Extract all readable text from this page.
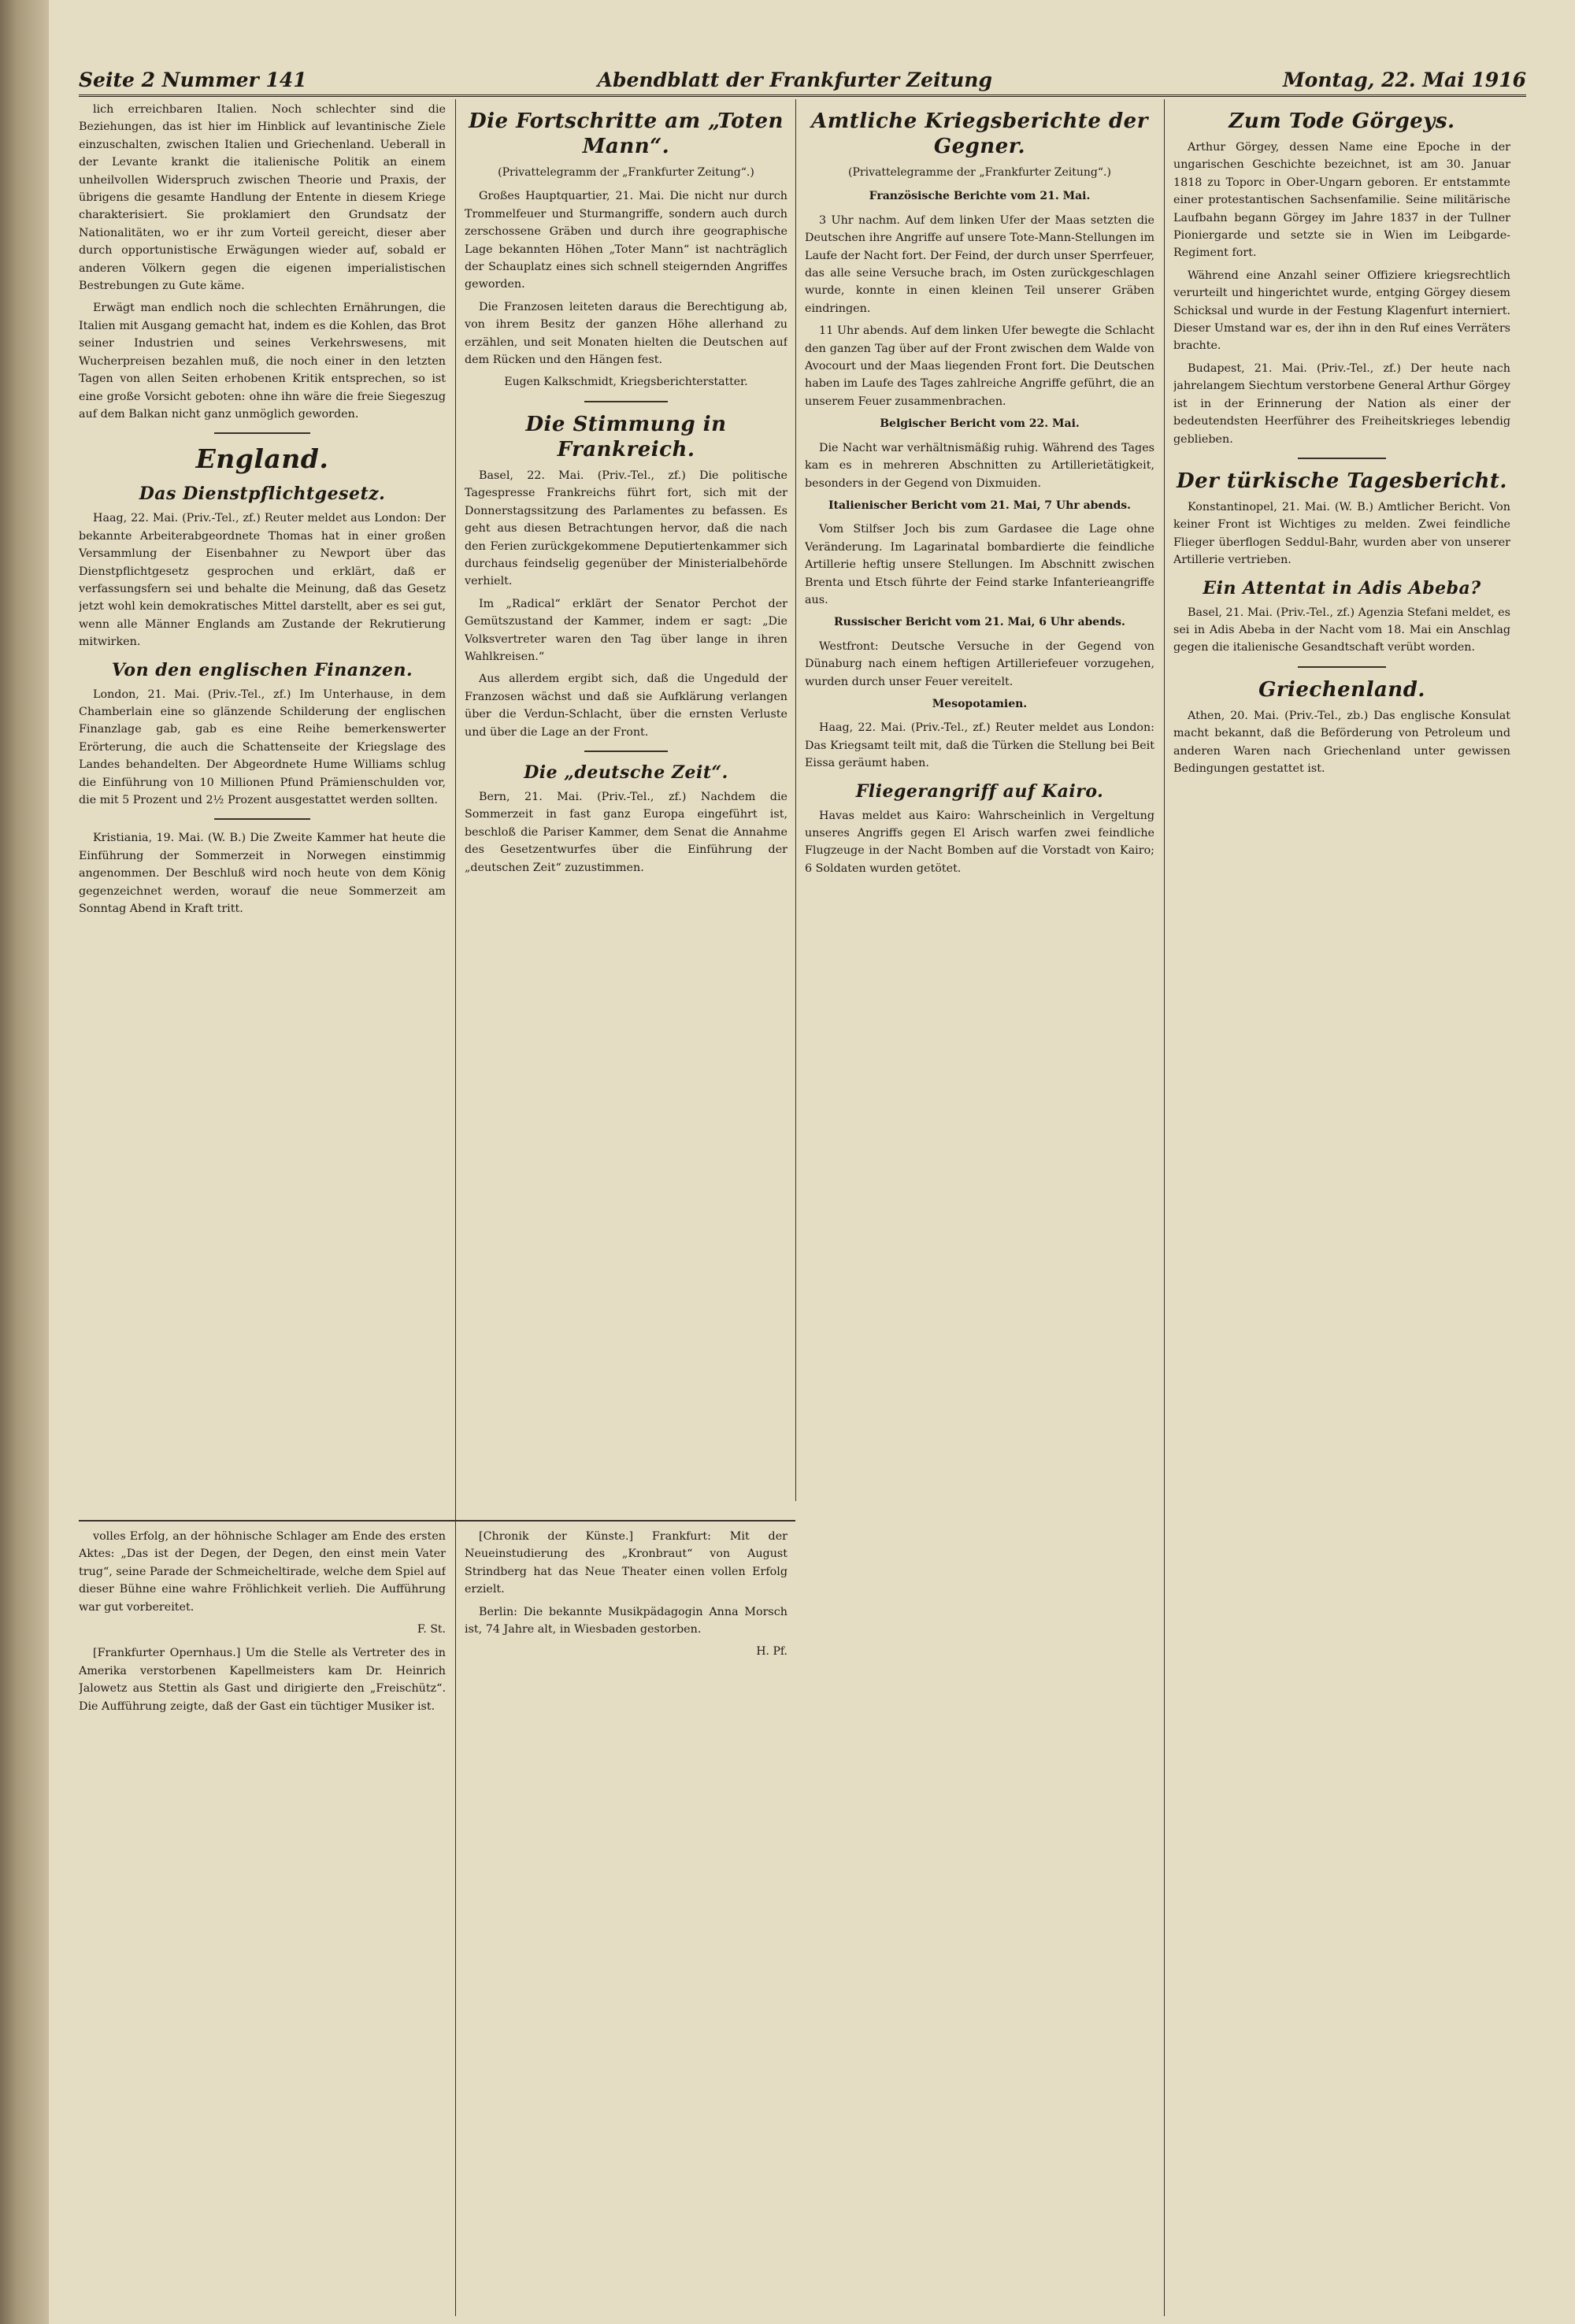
Seite 2 Nummer 141	Abendblatt der Frankfurter Zeitung	Montag, 22. Mai 1916

lich erreichbaren Italien. Noch schlechter sind die Beziehungen, das ist hier im Hinblick auf levantinische Ziele einzuschalten, zwischen Italien und Griechenland. Ueberall in der Levante krankt die italienische Politik an einem unheilvollen Widerspruch zwischen Theorie und Praxis, der übrigens die gesamte Handlung der Entente in diesem Kriege charakterisiert. Sie proklamiert den Grundsatz der Nationalitäten, wo er ihr zum Vorteil gereicht, dieser aber durch opportunistische Erwägungen wieder auf, sobald er anderen Völkern gegen die eigenen imperialistischen Bestrebungen zu Gute käme.

Erwägt man endlich noch die schlechten Ernährungen, die Italien mit Ausgang gemacht hat, indem es die Kohlen, das Brot seiner Industrien und seines Verkehrswesens, mit Wucherpreisen bezahlen muß, die noch einer in den letzten Tagen von allen Seiten erhobenen Kritik entsprechen, so ist eine große Vorsicht geboten: ohne ihn wäre die freie Siegeszug auf dem Balkan nicht ganz unmöglich geworden.

England.
Das Dienstpflichtgesetz.

Haag, 22. Mai. (Priv.-Tel., zf.) Reuter meldet aus London: Der bekannte Arbeiterabgeordnete Thomas hat in einer großen Versammlung der Eisenbahner zu Newport über das Dienstpflichtgesetz gesprochen und erklärt, daß er verfassungsfern sei und behalte die Meinung, daß das Gesetz jetzt wohl kein demokratisches Mittel darstellt, aber es sei gut, wenn alle Männer Englands am Zustande der Rekrutierung mitwirken.

Von den englischen Finanzen.

London, 21. Mai. (Priv.-Tel., zf.) Im Unterhause, in dem Chamberlain eine so glänzende Schilderung der englischen Finanzlage gab, gab es eine Reihe bemerkenswerter Erörterung, die auch die Schattenseite der Kriegslage des Landes behandelten. Der Abgeordnete Hume Williams schlug die Einführung von 10 Millionen Pfund Prämienschulden vor, die mit 5 Prozent und 2½ Prozent ausgestattet werden sollten.

Kristiania, 19. Mai. (W. B.) Die Zweite Kammer hat heute die Einführung der Sommerzeit in Norwegen einstimmig angenommen. Der Beschluß wird noch heute von dem König gegenzeichnet werden, worauf die neue Sommerzeit am Sonntag Abend in Kraft tritt.

Die Fortschritte am „Toten Mann“.
(Privattelegramm der „Frankfurter Zeitung“.)

Großes Hauptquartier, 21. Mai. Die nicht nur durch Trommelfeuer und Sturmangriffe, sondern auch durch zerschossene Gräben und durch ihre geographische Lage bekannten Höhen „Toter Mann“ ist nachträglich der Schauplatz eines sich schnell steigernden Angriffes geworden.

Die Franzosen leiteten daraus die Berechtigung ab, von ihrem Besitz der ganzen Höhe allerhand zu erzählen, und seit Monaten hielten die Deutschen auf dem Rücken und den Hängen fest.

Eugen Kalkschmidt, Kriegsberichterstatter.
Die Stimmung in Frankreich.

Basel, 22. Mai. (Priv.-Tel., zf.) Die politische Tagespresse Frankreichs führt fort, sich mit der Donnerstagssitzung des Parlamentes zu befassen. Es geht aus diesen Betrachtungen hervor, daß die nach den Ferien zurückgekommene Deputiertenkammer sich durchaus feindselig gegenüber der Ministerialbehörde verhielt.

Im „Radical“ erklärt der Senator Perchot der Gemütszustand der Kammer, indem er sagt: „Die Volksvertreter waren den Tag über lange in ihren Wahlkreisen.“

Aus allerdem ergibt sich, daß die Ungeduld der Franzosen wächst und daß sie Aufklärung verlangen über die Verdun-Schlacht, über die ernsten Verluste und über die Lage an der Front.

Die „deutsche Zeit“.

Bern, 21. Mai. (Priv.-Tel., zf.) Nachdem die Sommerzeit in fast ganz Europa eingeführt ist, beschloß die Pariser Kammer, dem Senat die Annahme des Gesetzentwurfes über die Einführung der „deutschen Zeit“ zuzustimmen.

Amtliche Kriegsberichte der Gegner.
(Privattelegramme der „Frankfurter Zeitung“.)
Französische Berichte vom 21. Mai.

3 Uhr nachm. Auf dem linken Ufer der Maas setzten die Deutschen ihre Angriffe auf unsere Tote-Mann-Stellungen im Laufe der Nacht fort. Der Feind, der durch unser Sperrfeuer, das alle seine Versuche brach, im Osten zurückgeschlagen wurde, konnte in einen kleinen Teil unserer Gräben eindringen.

11 Uhr abends. Auf dem linken Ufer bewegte die Schlacht den ganzen Tag über auf der Front zwischen dem Walde von Avocourt und der Maas liegenden Front fort. Die Deutschen haben im Laufe des Tages zahlreiche Angriffe geführt, die an unserem Feuer zusammenbrachen.

Belgischer Bericht vom 22. Mai.

Die Nacht war verhältnismäßig ruhig. Während des Tages kam es in mehreren Abschnitten zu Artillerietätigkeit, besonders in der Gegend von Dixmuiden.

Italienischer Bericht vom 21. Mai, 7 Uhr abends.

Vom Stilfser Joch bis zum Gardasee die Lage ohne Veränderung. Im Lagarinatal bombardierte die feindliche Artillerie heftig unsere Stellungen. Im Abschnitt zwischen Brenta und Etsch führte der Feind starke Infanterieangriffe aus.

Russischer Bericht vom 21. Mai, 6 Uhr abends.

Westfront: Deutsche Versuche in der Gegend von Dünaburg nach einem heftigen Artilleriefeuer vorzugehen, wurden durch unser Feuer vereitelt.

Mesopotamien.

Haag, 22. Mai. (Priv.-Tel., zf.) Reuter meldet aus London: Das Kriegsamt teilt mit, daß die Türken die Stellung bei Beit Eissa geräumt haben.

Fliegerangriff auf Kairo.

Havas meldet aus Kairo: Wahrscheinlich in Vergeltung unseres Angriffs gegen El Arisch warfen zwei feindliche Flugzeuge in der Nacht Bomben auf die Vorstadt von Kairo; 6 Soldaten wurden getötet.

Zum Tode Görgeys.

Arthur Görgey, dessen Name eine Epoche in der ungarischen Geschichte bezeichnet, ist am 30. Januar 1818 zu Toporc in Ober-Ungarn geboren. Er entstammte einer protestantischen Sachsenfamilie. Seine militärische Laufbahn begann Görgey im Jahre 1837 in der Tullner Pioniergarde und setzte sie in Wien im Leibgarde-Regiment fort.

Während eine Anzahl seiner Offiziere kriegsrechtlich verurteilt und hingerichtet wurde, entging Görgey diesem Schicksal und wurde in der Festung Klagenfurt interniert. Dieser Umstand war es, der ihn in den Ruf eines Verräters brachte.

Budapest, 21. Mai. (Priv.-Tel., zf.) Der heute nach jahrelangem Siechtum verstorbene General Arthur Görgey ist in der Erinnerung der Nation als einer der bedeutendsten Heerführer des Freiheitskrieges lebendig geblieben.

Der türkische Tagesbericht.

Konstantinopel, 21. Mai. (W. B.) Amtlicher Bericht. Von keiner Front ist Wichtiges zu melden. Zwei feindliche Flieger überflogen Seddul-Bahr, wurden aber von unserer Artillerie vertrieben.

Ein Attentat in Adis Abeba?

Basel, 21. Mai. (Priv.-Tel., zf.) Agenzia Stefani meldet, es sei in Adis Abeba in der Nacht vom 18. Mai ein Anschlag gegen die italienische Gesandtschaft verübt worden.

Griechenland.

Athen, 20. Mai. (Priv.-Tel., zb.) Das englische Konsulat macht bekannt, daß die Beförderung von Petroleum und anderen Waren nach Griechenland unter gewissen Bedingungen gestattet ist.

volles Erfolg, an der höhnische Schlager am Ende des ersten Aktes: „Das ist der Degen, der Degen, den einst mein Vater trug“, seine Parade der Schmeicheltirade, welche dem Spiel auf dieser Bühne eine wahre Fröhlichkeit verlieh. Die Aufführung war gut vorbereitet.

F. St.

[Frankfurter Opernhaus.] Um die Stelle als Vertreter des in Amerika verstorbenen Kapellmeisters kam Dr. Heinrich Jalowetz aus Stettin als Gast und dirigierte den „Freischütz“. Die Aufführung zeigte, daß der Gast ein tüchtiger Musiker ist.

[Chronik der Künste.] Frankfurt: Mit der Neueinstudierung des „Kronbraut“ von August Strindberg hat das Neue Theater einen vollen Erfolg erzielt.

Berlin: Die bekannte Musikpädagogin Anna Morsch ist, 74 Jahre alt, in Wiesbaden gestorben.

H. Pf.
